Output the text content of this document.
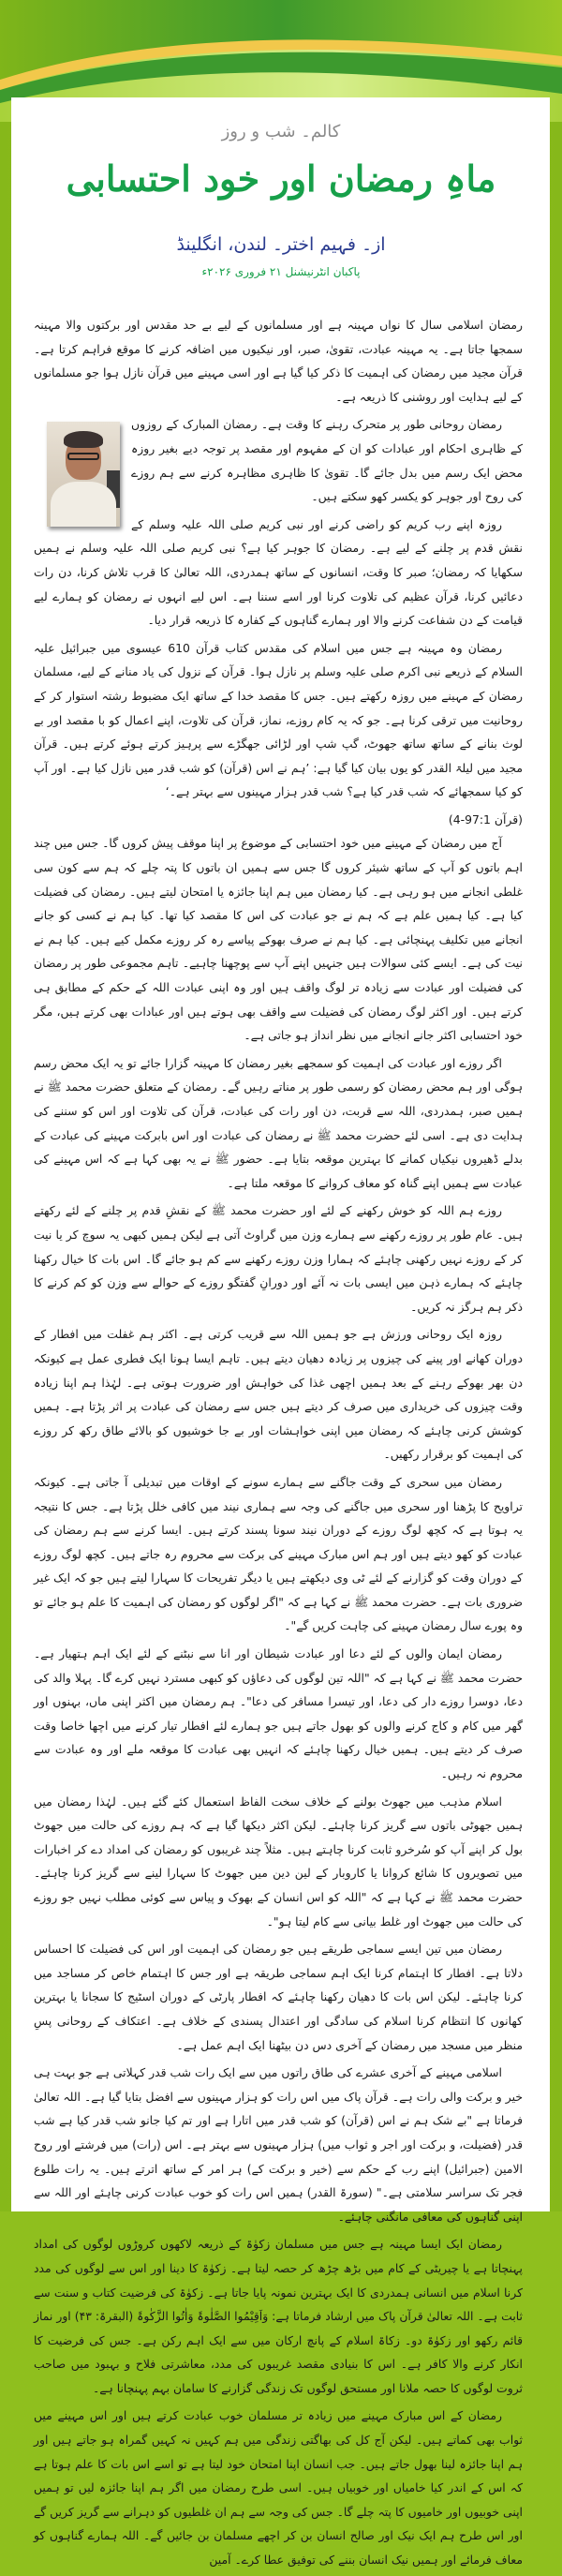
کالم۔ شب و روز
ماہِ رمضان اور خود احتسابی
از۔ فہیم اختر۔ لندن، انگلینڈ
پاکبان انٹرنیشنل ۲۱ فروری ۲۰۲۶ء

رمضان اسلامی سال کا نواں مہینہ ہے اور مسلمانوں کے لیے بے حد مقدس اور برکتوں والا مہینہ سمجھا جاتا ہے۔ یہ مہینہ عبادت، تقویٰ، صبر، اور نیکیوں میں اضافہ کرنے کا موقع فراہم کرتا ہے۔ قرآن مجید میں رمضان کی اہمیت کا ذکر کیا گیا ہے اور اسی مہینے میں قرآن نازل ہوا جو مسلمانوں کے لیے ہدایت اور روشنی کا ذریعہ ہے۔

رمضان روحانی طور پر متحرک رہنے کا وقت ہے۔ رمضان المبارک کے روزوں کے ظاہری احکام اور عبادات کو ان کے مفہوم اور مقصد پر توجہ دیے بغیر روزہ محض ایک رسم میں بدل جائے گا۔ تقویٰ کا ظاہری مظاہرہ کرنے سے ہم روزے کی روح اور جوہر کو یکسر کھو سکتے ہیں۔

روزہ اپنے رب کریم کو راضی کرنے اور نبی کریم صلی اللہ علیہ وسلم کے نقش قدم پر چلنے کے لیے ہے۔ رمضان کا جوہر کیا ہے؟ نبی کریم صلی اللہ علیہ وسلم نے ہمیں سکھایا کہ رمضان؛ صبر کا وقت، انسانوں کے ساتھ ہمدردی، اللہ تعالیٰ کا قرب تلاش کرنا، دن رات دعائیں کرنا، قرآن عظیم کی تلاوت کرنا اور اسے سننا ہے۔ اس لیے انہوں نے رمضان کو ہمارے لیے قیامت کے دن شفاعت کرنے والا اور ہمارے گناہوں کے کفارہ کا ذریعہ قرار دیا۔

رمضان وہ مہینہ ہے جس میں اسلام کی مقدس کتاب قرآن 610 عیسوی میں جبرائیل علیہ السلام کے ذریعے نبی اکرم صلی علیہ وسلم پر نازل ہوا۔ قرآن کے نزول کی یاد منانے کے لیے، مسلمان رمضان کے مہینے میں روزہ رکھتے ہیں۔ جس کا مقصد خدا کے ساتھ ایک مضبوط رشتہ استوار کر کے روحانیت میں ترقی کرنا ہے۔ جو کہ یہ کام روزے، نماز، قرآن کی تلاوت، اپنے اعمال کو با مقصد اور بے لوث بنانے کے ساتھ ساتھ جھوٹ، گپ شپ اور لڑائی جھگڑے سے پرہیز کرتے ہوئے کرتے ہیں۔ قرآن مجید میں لیلۃ القدر کو یوں بیان کیا گیا ہے: ’ہم نے اس (قرآن) کو شب قدر میں نازل کیا ہے۔ اور آپ کو کیا سمجھائے کہ شب قدر کیا ہے؟ شب قدر ہزار مہینوں سے بہتر ہے۔‘

(قرآن 97:1-4)

آج میں رمضان کے مہینے میں خود احتسابی کے موضوع پر اپنا موقف پیش کروں گا۔ جس میں چند اہم باتوں کو آپ کے ساتھ شیئر کروں گا جس سے ہمیں ان باتوں کا پتہ چلے کہ ہم سے کون سی غلطی انجانے میں ہو رہی ہے۔ کیا رمضان میں ہم اپنا جائزہ یا امتحان لیتے ہیں۔ رمضان کی فضیلت کیا ہے۔ کیا ہمیں علم ہے کہ ہم نے جو عبادت کی اس کا مقصد کیا تھا۔ کیا ہم نے کسی کو جانے انجانے میں تکلیف پہنچائی ہے۔ کیا ہم نے صرف بھوکے پیاسے رہ کر روزے مکمل کیے ہیں۔ کیا ہم نے نیت کی ہے۔ ایسے کئی سوالات ہیں جنہیں اپنے آپ سے پوچھنا چاہیے۔ تاہم مجموعی طور پر رمضان کی فضیلت اور عبادت سے زیادہ تر لوگ واقف ہیں اور وہ اپنی عبادت اللہ کے حکم کے مطابق ہی کرتے ہیں۔ اور اکثر لوگ رمضان کی فضیلت سے واقف بھی ہوتے ہیں اور عبادات بھی کرتے ہیں، مگر خود احتسابی اکثر جانے انجانے میں نظر انداز ہو جاتی ہے۔

اگر روزے اور عبادت کی اہمیت کو سمجھے بغیر رمضان کا مہینہ گزارا جائے تو یہ ایک محض رسم ہوگی اور ہم محض رمضان کو رسمی طور پر مناتے رہیں گے۔ رمضان کے متعلق حضرت محمد ﷺ نے ہمیں صبر، ہمدردی، اللہ سے قربت، دن اور رات کی عبادت، قرآن کی تلاوت اور اس کو سننے کی ہدایت دی ہے۔ اسی لئے حضرت محمد ﷺ نے رمضان کی عبادت اور اس بابرکت مہینے کی عبادت کے بدلے ڈھیروں نیکیاں کمانے کا بہترین موقعہ بتایا ہے۔ حضور ﷺ نے یہ بھی کہا ہے کہ اس مہینے کی عبادت سے ہمیں اپنے گناہ کو معاف کروانے کا موقعہ ملتا ہے۔

روزے ہم اللہ کو خوش رکھنے کے لئے اور حضرت محمد ﷺ کے نقشِ قدم پر چلنے کے لئے رکھتے ہیں۔ عام طور پر روزے رکھنے سے ہمارے وزن میں گراوٹ آتی ہے لیکن ہمیں کبھی یہ سوچ کر یا نیت کر کے روزے نہیں رکھنی چاہئے کہ ہمارا وزن روزے رکھنے سے کم ہو جائے گا۔ اس بات کا خیال رکھنا چاہئے کہ ہمارے ذہن میں ایسی بات نہ آئے اور دورانِ گفتگو روزے کے حوالے سے وزن کو کم کرنے کا ذکر ہم ہرگز نہ کریں۔

روزہ ایک روحانی ورزش ہے جو ہمیں اللہ سے قریب کرتی ہے۔ اکثر ہم غفلت میں افطار کے دوران کھانے اور پینے کی چیزوں پر زیادہ دھیان دیتے ہیں۔ تاہم ایسا ہونا ایک فطری عمل ہے کیونکہ دن بھر بھوکے رہنے کے بعد ہمیں اچھی غذا کی خواہش اور ضرورت ہوتی ہے۔ لہٰذا ہم اپنا زیادہ وقت چیزوں کی خریداری میں صرف کر دیتے ہیں جس سے رمضان کی عبادت پر اثر پڑتا ہے۔ ہمیں کوشش کرنی چاہئے کہ رمضان میں اپنی خواہشات اور بے جا خوشیوں کو بالائے طاق رکھ کر روزے کی اہمیت کو برقرار رکھیں۔

رمضان میں سحری کے وقت جاگنے سے ہمارے سونے کے اوقات میں تبدیلی آ جاتی ہے۔ کیونکہ تراویح کا پڑھنا اور سحری میں جاگنے کی وجہ سے ہماری نیند میں کافی خلل پڑتا ہے۔ جس کا نتیجہ یہ ہوتا ہے کہ کچھ لوگ روزے کے دوران نیند سونا پسند کرتے ہیں۔ ایسا کرنے سے ہم رمضان کی عبادت کو کھو دیتے ہیں اور ہم اس مبارک مہینے کی برکت سے محروم رہ جاتے ہیں۔ کچھ لوگ روزے کے دوران وقت کو گزارنے کے لئے ٹی وی دیکھتے ہیں یا دیگر تفریحات کا سہارا لیتے ہیں جو کہ ایک غیر ضروری بات ہے۔ حضرت محمد ﷺ نے کہا ہے کہ "اگر لوگوں کو رمضان کی اہمیت کا علم ہو جائے تو وہ پورے سال رمضان مہینے کی چاہت کریں گے"۔

رمضان ایمان والوں کے لئے دعا اور عبادت شیطان اور انا سے نبٹنے کے لئے ایک اہم ہتھیار ہے۔ حضرت محمد ﷺ نے کہا ہے کہ "اللہ تین لوگوں کی دعاؤں کو کبھی مسترد نہیں کرے گا۔ پہلا والد کی دعا، دوسرا روزے دار کی دعا، اور تیسرا مسافر کی دعا"۔ ہم رمضان میں اکثر اپنی ماں، بہنوں اور گھر میں کام و کاج کرنے والوں کو بھول جاتے ہیں جو ہمارے لئے افطار تیار کرنے میں اچھا خاصا وقت صرف کر دیتے ہیں۔ ہمیں خیال رکھنا چاہئے کہ انہیں بھی عبادت کا موقعہ ملے اور وہ عبادت سے محروم نہ رہیں۔

اسلام مذہب میں جھوٹ بولنے کے خلاف سخت الفاظ استعمال کئے گئے ہیں۔ لہٰذا رمضان میں ہمیں جھوٹی باتوں سے گریز کرنا چاہئے۔ لیکن اکثر دیکھا گیا ہے کہ ہم روزے کی حالت میں جھوٹ بول کر اپنے آپ کو سُرخرو ثابت کرنا چاہتے ہیں۔ مثلاً چند غریبوں کو رمضان کی امداد دے کر اخبارات میں تصویروں کا شائع کروانا یا کاروبار کے لین دین میں جھوٹ کا سہارا لینے سے گریز کرنا چاہئے۔ حضرت محمد ﷺ نے کہا ہے کہ "اللہ کو اس انسان کے بھوک و پیاس سے کوئی مطلب نہیں جو روزے کی حالت میں جھوٹ اور غلط بیانی سے کام لیتا ہو"۔

رمضان میں تین ایسے سماجی طریقے ہیں جو رمضان کی اہمیت اور اس کی فضیلت کا احساس دلاتا ہے۔ افطار کا اہتمام کرنا ایک اہم سماجی طریقہ ہے اور جس کا اہتمام خاص کر مساجد میں کرنا چاہئے۔ لیکن اس بات کا دھیان رکھنا چاہئے کہ افطار پارٹی کے دوران اسٹیج کا سجانا یا بہترین کھانوں کا انتظام کرنا اسلام کی سادگی اور اعتدال پسندی کے خلاف ہے۔ اعتکاف کے روحانی پسِ منظر میں مسجد میں رمضان کے آخری دس دن بیٹھنا ایک اہم عمل ہے۔

اسلامی مہینے کے آخری عشرے کی طاق راتوں میں سے ایک رات شب قدر کہلاتی ہے جو بہت ہی خیر و برکت والی رات ہے۔ قرآن پاک میں اس رات کو ہزار مہینوں سے افضل بتایا گیا ہے۔ اللہ تعالیٰ فرماتا ہے "بے شک ہم نے اس (قرآن) کو شب قدر میں اتارا ہے اور تم کیا جانو شب قدر کیا ہے شب قدر (فضیلت، و برکت اور اجر و ثواب میں) ہزار مہینوں سے بہتر ہے۔ اس (رات) میں فرشتے اور روح الامین (جبرائیل) اپنے رب کے حکم سے (خیر و برکت کے) ہر امر کے ساتھ اترتے ہیں۔ یہ رات طلوع فجر تک سراسر سلامتی ہے۔" (سورۃ القدر) ہمیں اس رات کو خوب عبادت کرنی چاہئے اور اللہ سے اپنی گناہوں کی معافی مانگنی چاہئے۔

رمضان ایک ایسا مہینہ ہے جس میں مسلمان زکوٰۃ کے ذریعہ لاکھوں کروڑوں لوگوں کی امداد پہنچاتا ہے یا چیریٹی کے کام میں بڑھ چڑھ کر حصہ لیتا ہے۔ زکوٰۃ کا دینا اور اس سے لوگوں کی مدد کرنا اسلام میں انسانی ہمدردی کا ایک بہترین نمونہ پایا جاتا ہے۔ زکوٰۃ کی فرضیت کتاب و سنت سے ثابت ہے۔ اللہ تعالیٰ قرآن پاک میں ارشاد فرماتا ہے: وَاَقِیْمُوا الصَّلٰوۃَ وَاٰتُوا الزَّکٰوۃَ (البقرۃ: ۴۳) اور نماز قائم رکھو اور زکوٰۃ دو۔ زکاۃ اسلام کے پانچ ارکان میں سے ایک اہم رکن ہے۔ جس کی فرضیت کا انکار کرنے والا کافر ہے۔ اس کا بنیادی مقصد غریبوں کی مدد، معاشرتی فلاح و بہبود میں صاحب ثروت لوگوں کا حصہ ملانا اور مستحق لوگوں تک زندگی گزارنے کا سامان بہم پہنچانا ہے۔

رمضان کے اس مبارک مہینے میں زیادہ تر مسلمان خوب عبادت کرتے ہیں اور اس مہینے میں ثواب بھی کماتے ہیں۔ لیکن آج کل کی بھاگتی زندگی میں ہم کہیں نہ کہیں گمراہ ہو جاتے ہیں اور ہم اپنا جائزہ لینا بھول جاتے ہیں۔ جب انسان اپنا امتحان خود لیتا ہے تو اسے اس بات کا علم ہوتا ہے کہ اس کے اندر کیا خامیاں اور خوبیاں ہیں۔ اسی طرح رمضان میں اگر ہم اپنا جائزہ لیں تو ہمیں اپنی خوبیوں اور خامیوں کا پتہ چلے گا۔ جس کی وجہ سے ہم ان غلطیوں کو دہرانے سے گریز کریں گے اور اس طرح ہم ایک نیک اور صالح انسان بن کر اچھے مسلمان بن جائیں گے۔ اللہ ہمارے گناہوں کو معاف فرمائے اور ہمیں نیک انسان بننے کی توفیق عطا کرے۔ آمین
